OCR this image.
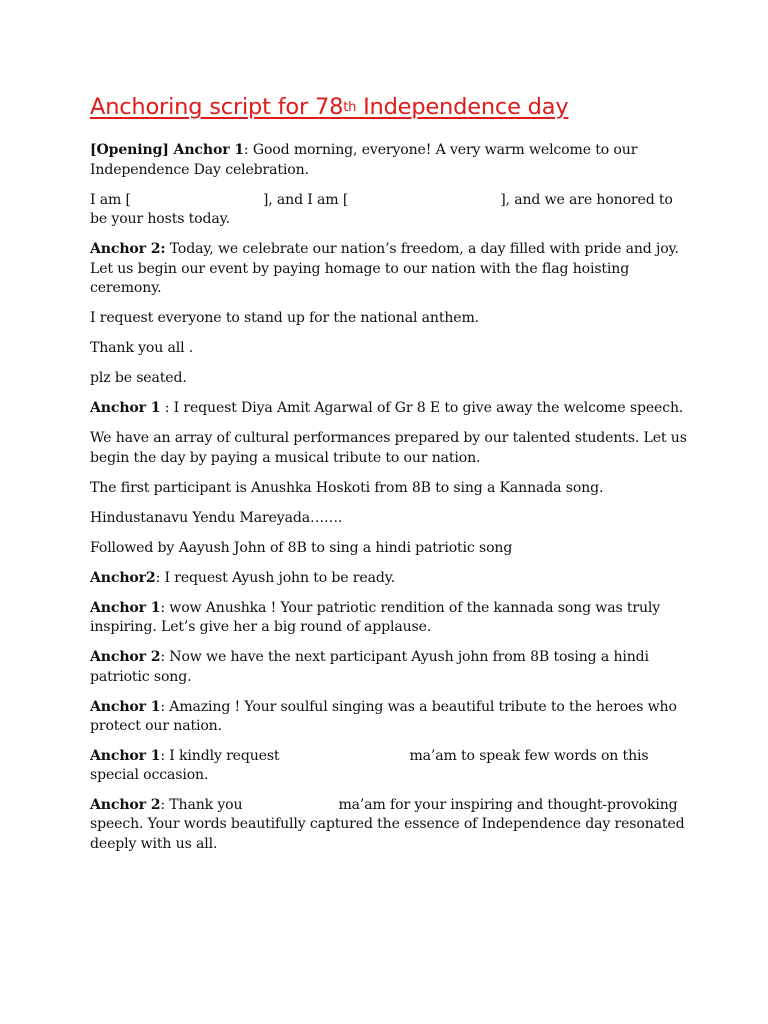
Anchoring script for 78th Independence day

[Opening] Anchor 1: Good morning, everyone! A very warm welcome to our Independence Day celebration.

I am [	], and I am [	], and we are honored to be your hosts today.

Anchor 2: Today, we celebrate our nation’s freedom, a day filled with pride and joy. Let us begin our event by paying homage to our nation with the flag hoisting ceremony.

I request everyone to stand up for the national anthem.

Thank you all .

plz be seated.

Anchor 1 : I request Diya Amit Agarwal of Gr 8 E to give away the welcome speech.

We have an array of cultural performances prepared by our talented students. Let us begin the day by paying a musical tribute to our nation.

The first participant is Anushka Hoskoti from 8B to sing a Kannada song.

Hindustanavu Yendu Mareyada…….

Followed by Aayush John of 8B to sing a hindi patriotic song

Anchor2: I request Ayush john to be ready.

Anchor 1: wow Anushka ! Your patriotic rendition of the kannada song was truly inspiring. Let’s give her a big round of applause.

Anchor 2: Now we have the next participant Ayush john from 8B tosing a hindi patriotic song.

Anchor 1: Amazing ! Your soulful singing was a beautiful tribute to the heroes who protect our nation.

Anchor 1: I kindly request	ma’am to speak few words on this special occasion.

Anchor 2: Thank you	ma’am for your inspiring and thought-provoking speech. Your words beautifully captured the essence of Independence day resonated deeply with us all.
